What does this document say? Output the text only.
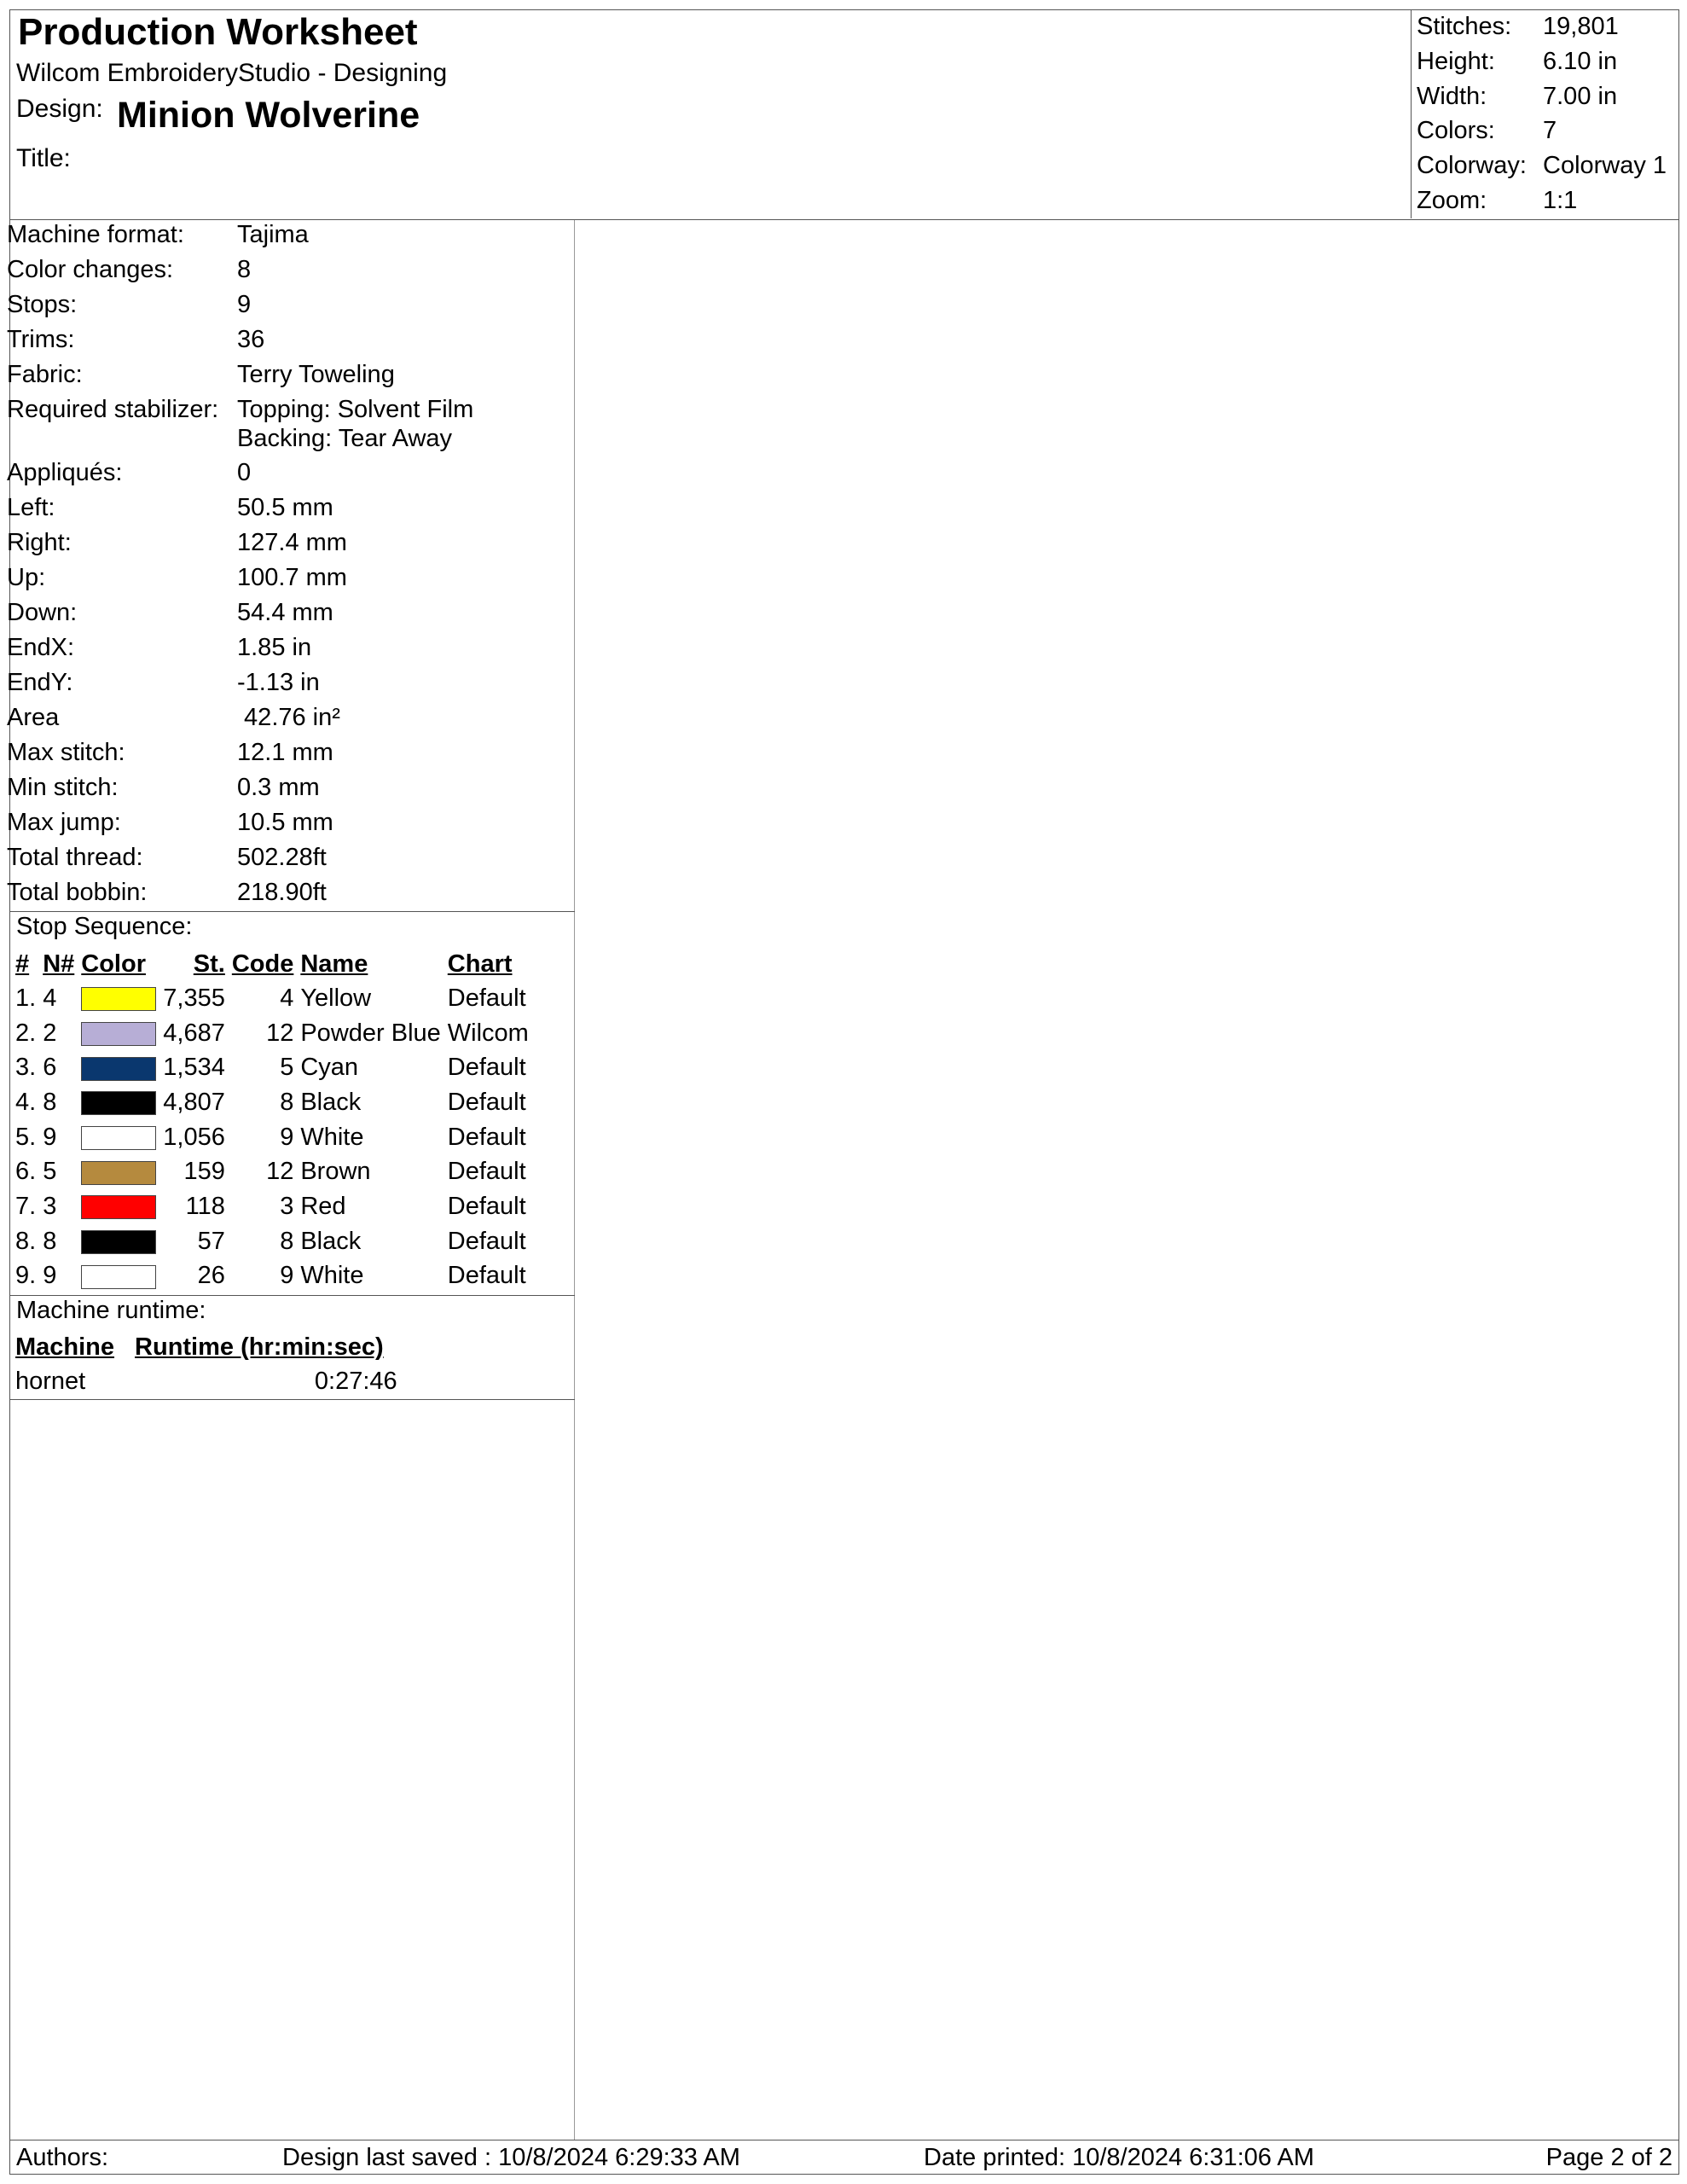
Production Worksheet
Wilcom EmbroideryStudio - Designing
Design: Minion Wolverine
Title:
Stitches: 19,801
Height: 6.10 in
Width: 7.00 in
Colors: 7
Colorway: Colorway 1
Zoom: 1:1
Machine format: Tajima
Color changes:	8
Stops:	9
Trims:	36
Fabric:	Terry Toweling
Required stabilizer: Topping: Solvent Film
Backing: Tear Away
Appliqués:	0
Left:	50.5 mm
Right:	127.4 mm
Up:	100.7 mm
Down:	54.4 mm
EndX:	1.85 in
EndY:	-1.13 in
Area	42.76 in²
Max stitch:	12.1 mm
Min stitch:	0.3 mm
Max jump:	10.5 mm
Total thread:	502.28ft
Total bobbin:	218.90ft
Stop Sequence:
#	N#	Color	St.	Code	Name	Chart
1.	4		7,355	4	Yellow	Default
2.	2		4,687	12	Powder Blue	Wilcom
3.	6		1,534	5	Cyan	Default
4.	8		4,807	8	Black	Default
5.	9		1,056	9	White	Default
6.	5		159	12	Brown	Default
7.	3		118	3	Red	Default
8.	8		57	8	Black	Default
9.	9		26	9	White	Default
Machine runtime:
Machine	Runtime (hr:min:sec)
hornet	0:27:46
Authors:	Design last saved : 10/8/2024 6:29:33 AM	Date printed: 10/8/2024 6:31:06 AM	Page 2 of 2
